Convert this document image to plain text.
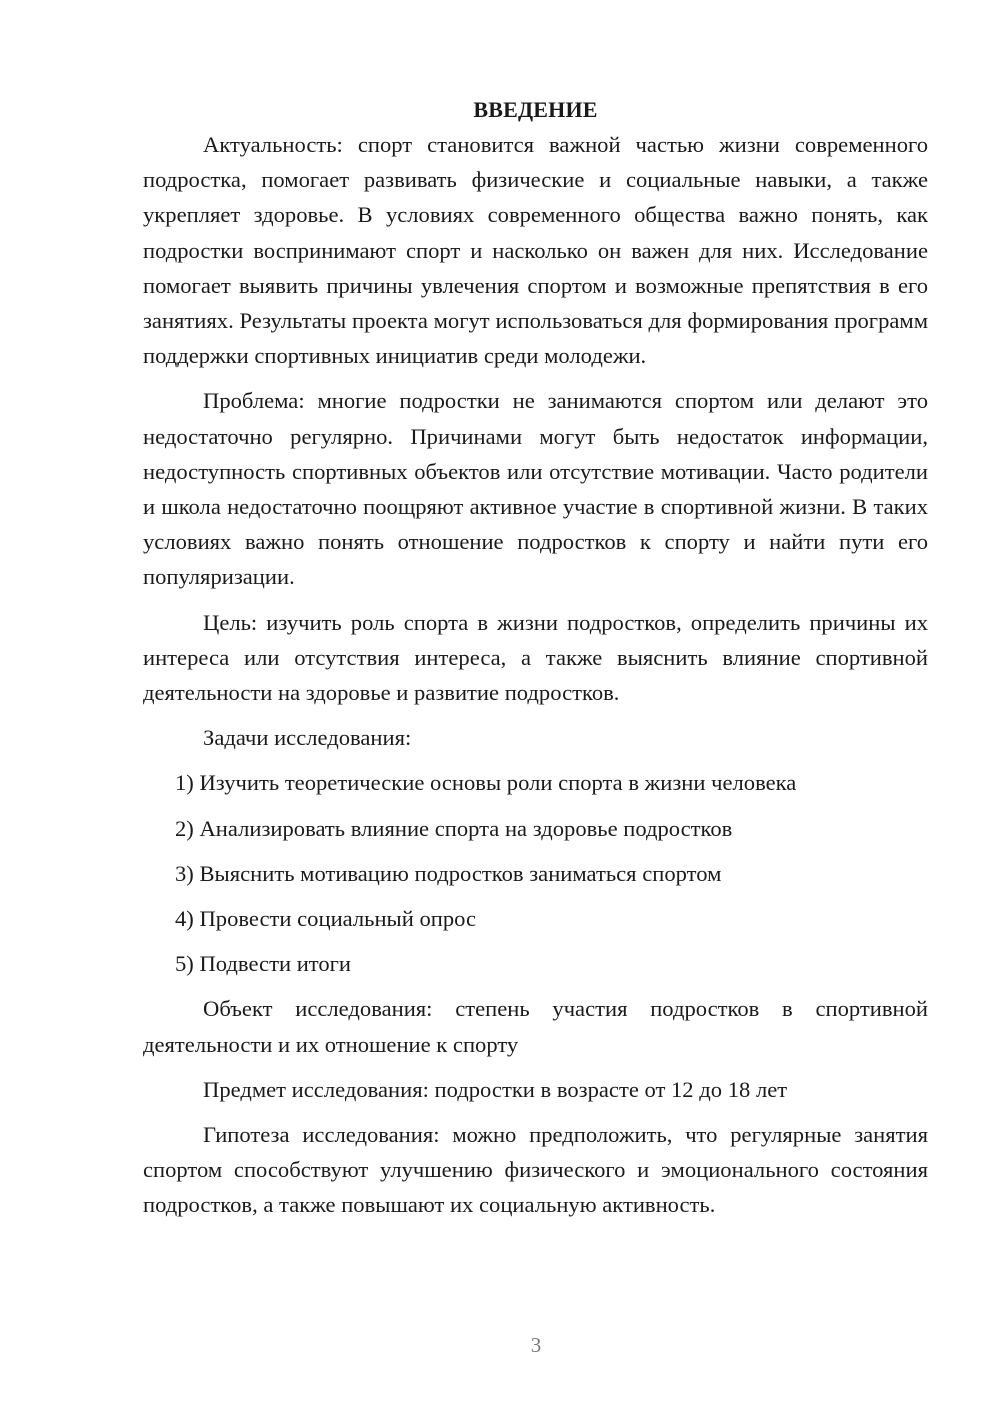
ВВЕДЕНИЕ

Актуальность: спорт становится важной частью жизни современного подростка, помогает развивать физические и социальные навыки, а также укрепляет здоровье. В условиях современного общества важно понять, как подростки воспринимают спорт и насколько он важен для них. Исследование помогает выявить причины увлечения спортом и возможные препятствия в его занятиях. Результаты проекта могут использоваться для формирования программ поддержки спортивных инициатив среди молодежи.

Проблема: многие подростки не занимаются спортом или делают это недостаточно регулярно. Причинами могут быть недостаток информации, недоступность спортивных объектов или отсутствие мотивации. Часто родители и школа недостаточно поощряют активное участие в спортивной жизни. В таких условиях важно понять отношение подростков к спорту и найти пути его популяризации.

Цель: изучить роль спорта в жизни подростков, определить причины их интереса или отсутствия интереса, а также выяснить влияние спортивной деятельности на здоровье и развитие подростков.

Задачи исследования:

1) Изучить теоретические основы роли спорта в жизни человека
2) Анализировать влияние спорта на здоровье подростков
3) Выяснить мотивацию подростков заниматься спортом
4) Провести социальный опрос
5) Подвести итоги

Объект исследования: степень участия подростков в спортивной деятельности и их отношение к спорту

Предмет исследования: подростки в возрасте от 12 до 18 лет

Гипотеза исследования: можно предположить, что регулярные занятия спортом способствуют улучшению физического и эмоционального состояния подростков, а также повышают их социальную активность.

3
